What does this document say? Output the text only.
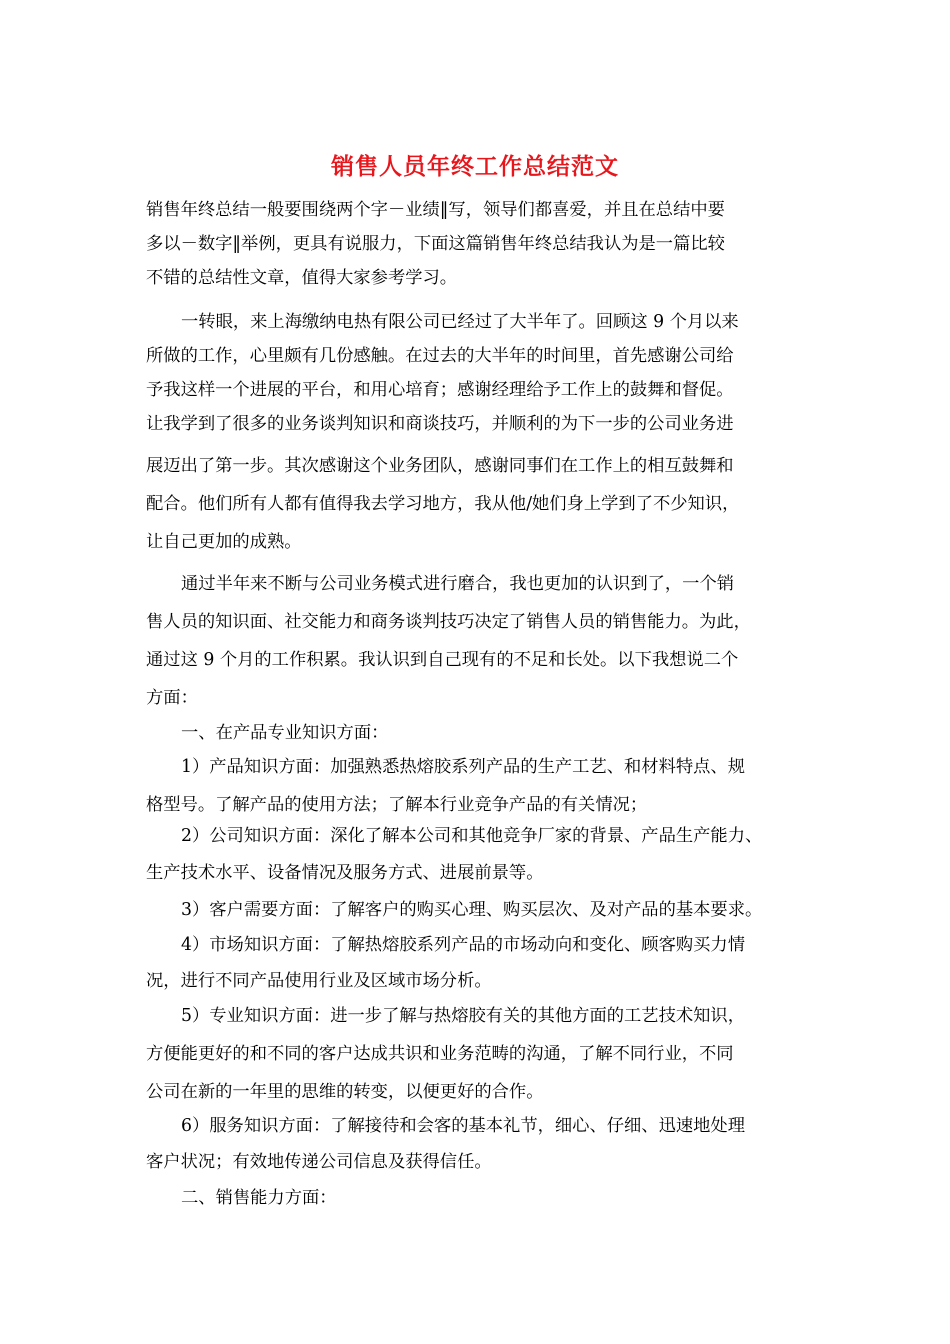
销售人员年终工作总结范文
销售年终总结一般要围绕两个字－业绩‖写，领导们都喜爱，并且在总结中要
多以－数字‖举例，更具有说服力，下面这篇销售年终总结我认为是一篇比较
不错的总结性文章，值得大家参考学习。
一转眼，来上海缴纳电热有限公司已经过了大半年了。回顾这 9 个月以来
所做的工作，心里颇有几份感触。在过去的大半年的时间里，首先感谢公司给
予我这样一个进展的平台，和用心培育；感谢经理给予工作上的鼓舞和督促。
让我学到了很多的业务谈判知识和商谈技巧，并顺利的为下一步的公司业务进
展迈出了第一步。其次感谢这个业务团队，感谢同事们在工作上的相互鼓舞和
配合。他们所有人都有值得我去学习地方，我从他/她们身上学到了不少知识，
让自己更加的成熟。
通过半年来不断与公司业务模式进行磨合，我也更加的认识到了，一个销
售人员的知识面、社交能力和商务谈判技巧决定了销售人员的销售能力。为此，
通过这 9 个月的工作积累。我认识到自己现有的不足和长处。以下我想说二个
方面：
一、在产品专业知识方面：
1）产品知识方面：加强熟悉热熔胶系列产品的生产工艺、和材料特点、规
格型号。了解产品的使用方法；了解本行业竞争产品的有关情况；
2）公司知识方面：深化了解本公司和其他竞争厂家的背景、产品生产能力、
生产技术水平、设备情况及服务方式、进展前景等。
3）客户需要方面：了解客户的购买心理、购买层次、及对产品的基本要求。
4）市场知识方面：了解热熔胶系列产品的市场动向和变化、顾客购买力情
况，进行不同产品使用行业及区域市场分析。
5）专业知识方面：进一步了解与热熔胶有关的其他方面的工艺技术知识，
方便能更好的和不同的客户达成共识和业务范畴的沟通，了解不同行业，不同
公司在新的一年里的思维的转变，以便更好的合作。
6）服务知识方面：了解接待和会客的基本礼节，细心、仔细、迅速地处理
客户状况；有效地传递公司信息及获得信任。
二、销售能力方面：
